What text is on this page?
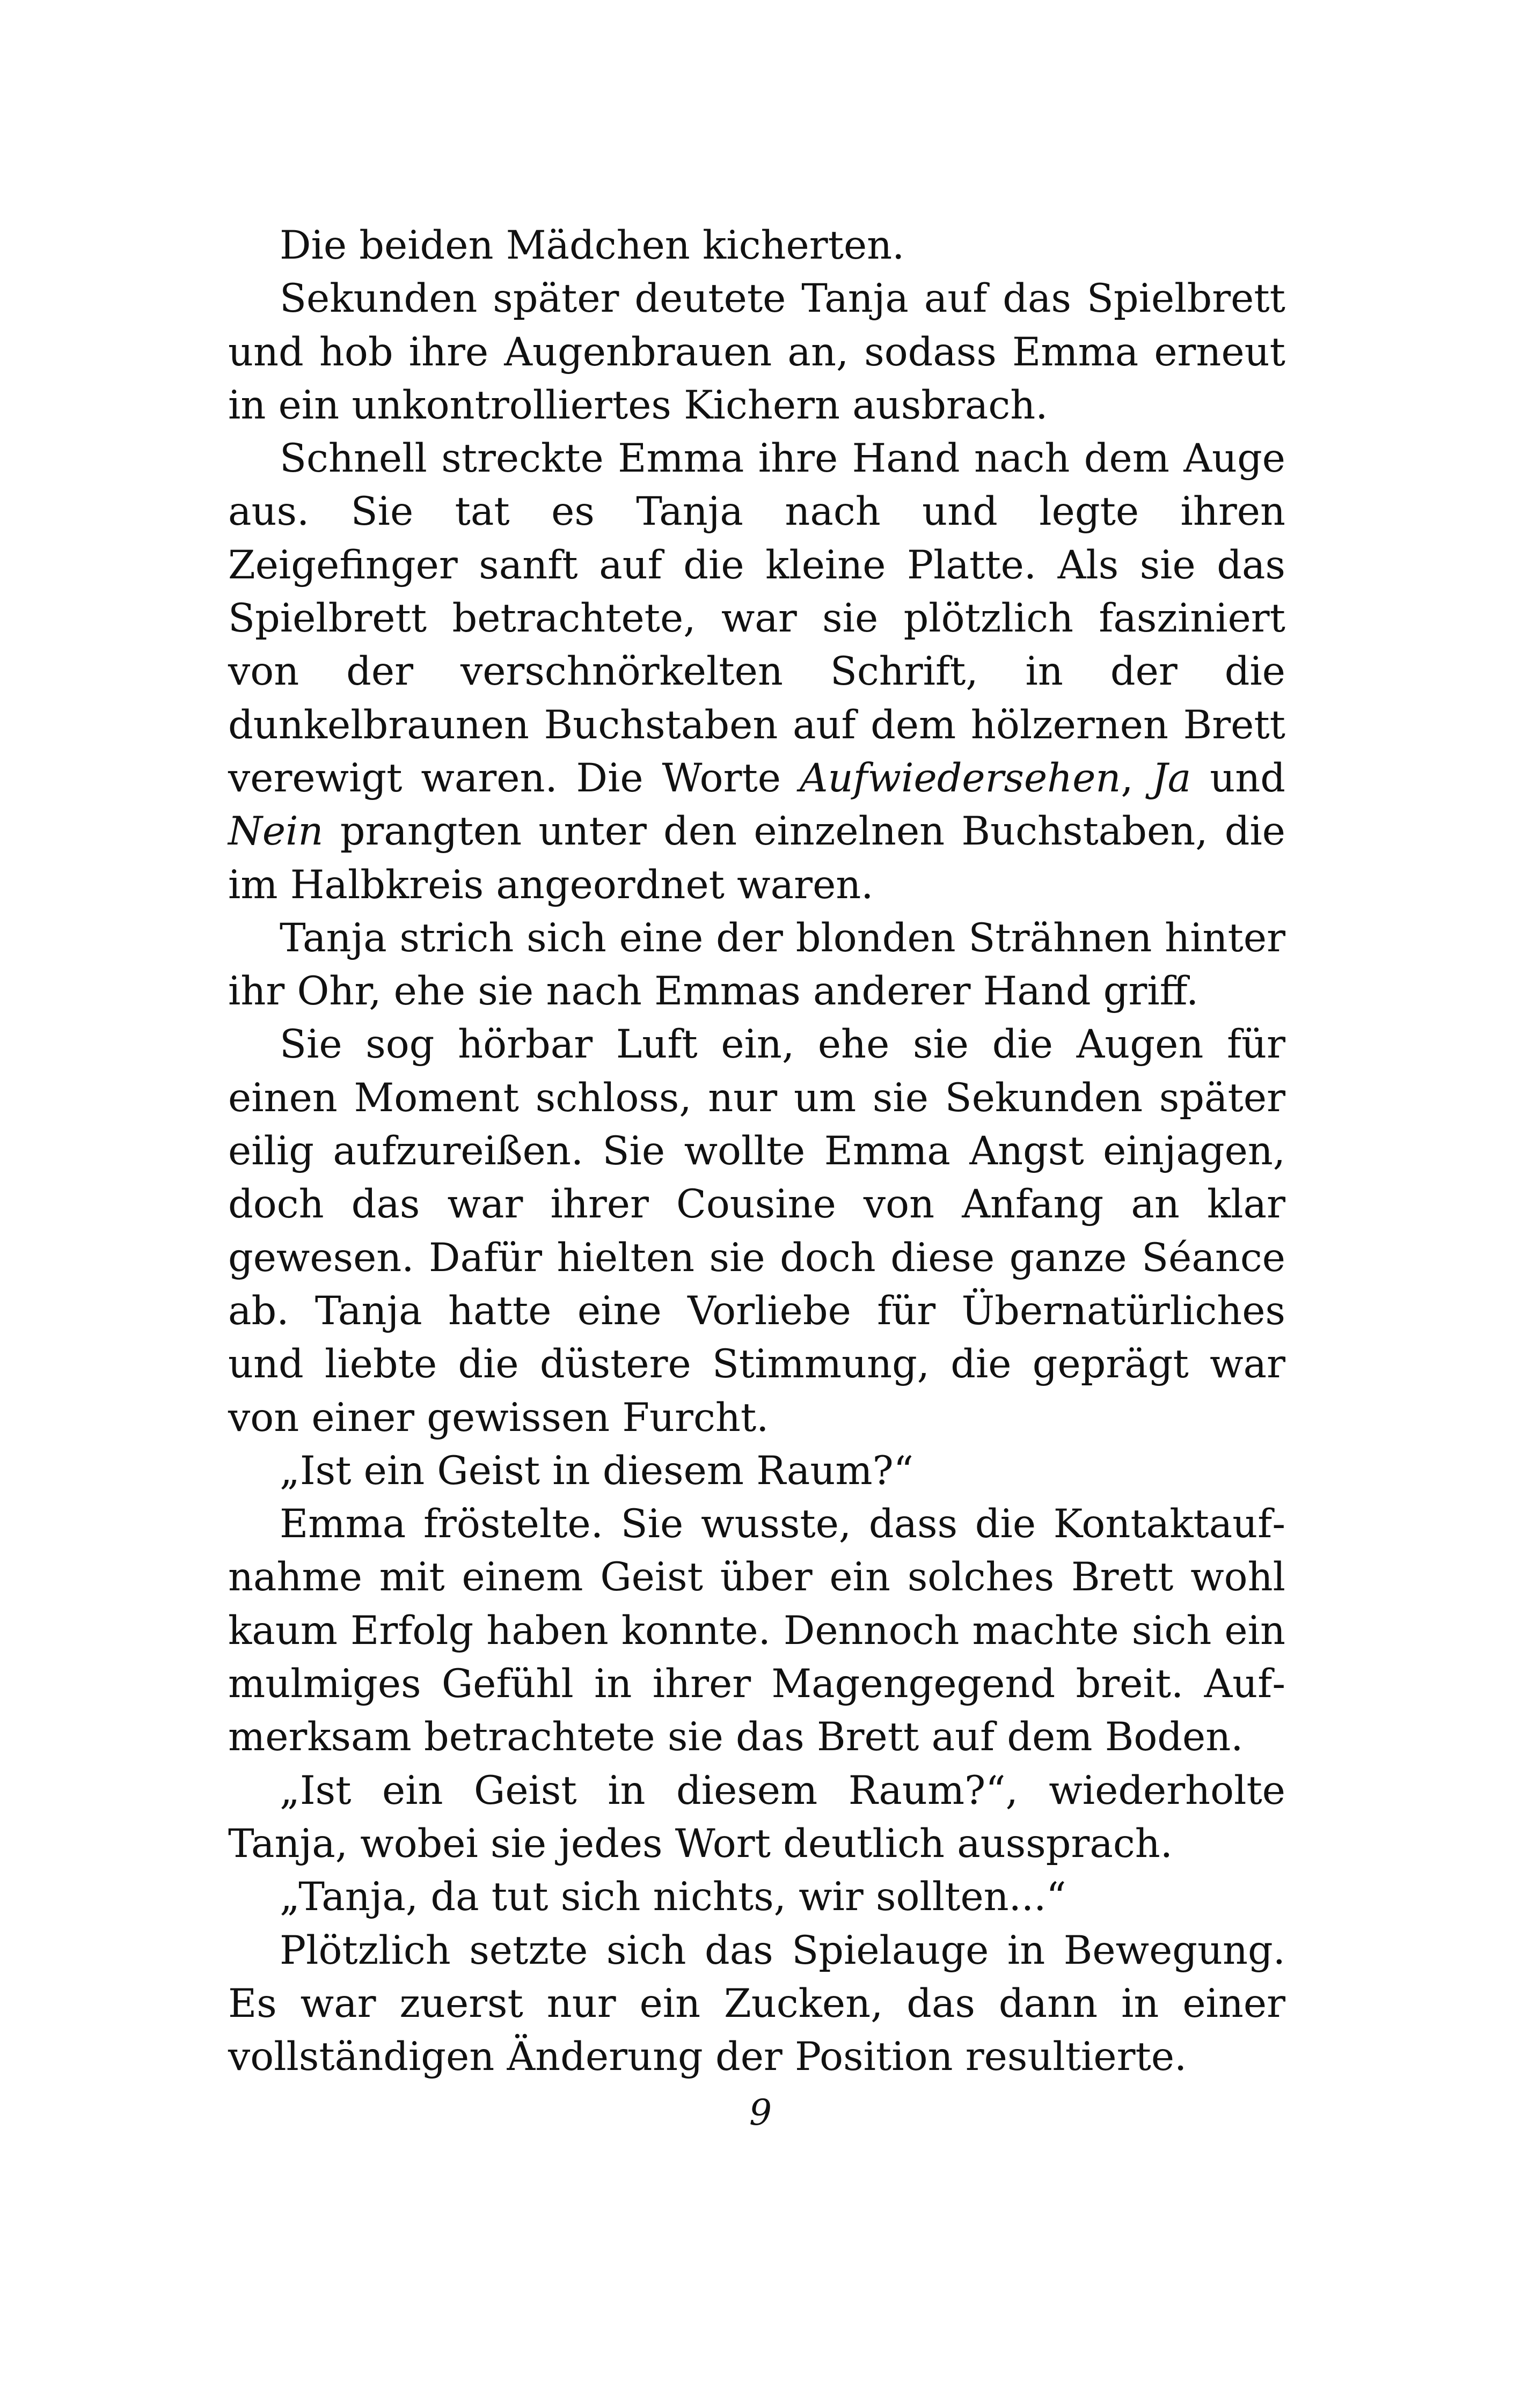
Die beiden Mädchen kicherten.

Sekunden später deutete Tanja auf das Spielbrett und hob ihre Augenbrauen an, sodass Emma erneut in ein unkontrolliertes Kichern ausbrach.

Schnell streckte Emma ihre Hand nach dem Auge aus. Sie tat es Tanja nach und legte ihren Zeigefinger sanft auf die kleine Platte. Als sie das Spielbrett betrachtete, war sie plötzlich fasziniert von der verschnörkelten Schrift, in der die dunkelbraunen Buchstaben auf dem hölzernen Brett verewigt waren. Die Worte Aufwiedersehen, Ja und Nein prangten unter den einzelnen Buchstaben, die im Halbkreis angeordnet waren.

Tanja strich sich eine der blonden Strähnen hinter ihr Ohr, ehe sie nach Emmas anderer Hand griff.

Sie sog hörbar Luft ein, ehe sie die Augen für einen Moment schloss, nur um sie Sekunden später eilig aufzureißen. Sie wollte Emma Angst einjagen, doch das war ihrer Cousine von Anfang an klar gewesen. Dafür hielten sie doch diese ganze Séance ab. Tanja hatte eine Vorliebe für Übernatürliches und liebte die düstere Stimmung, die geprägt war von einer gewissen Furcht.

„Ist ein Geist in diesem Raum?“

Emma fröstelte. Sie wusste, dass die Kontaktaufnahme mit einem Geist über ein solches Brett wohl kaum Erfolg haben konnte. Dennoch machte sich ein mulmiges Gefühl in ihrer Magengegend breit. Aufmerksam betrachtete sie das Brett auf dem Boden.

„Ist ein Geist in diesem Raum?“, wiederholte Tanja, wobei sie jedes Wort deutlich aussprach.

„Tanja, da tut sich nichts, wir sollten...“

Plötzlich setzte sich das Spielauge in Bewegung. Es war zuerst nur ein Zucken, das dann in einer vollständigen Änderung der Position resultierte.

9
